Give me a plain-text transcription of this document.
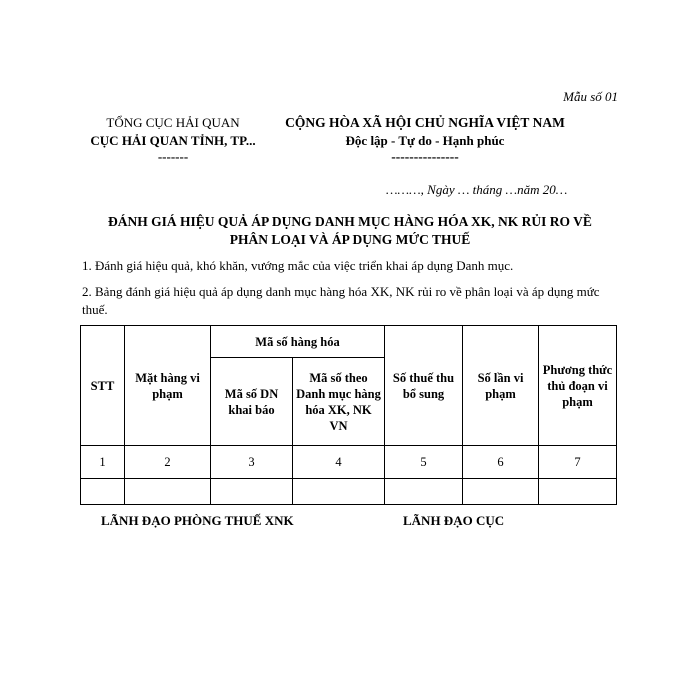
Mẫu số 01
TỔNG CỤC HẢI QUAN
CỤC HẢI QUAN TỈNH, TP...
-------
CỘNG HÒA XÃ HỘI CHỦ NGHĨA VIỆT NAM
Độc lập - Tự do - Hạnh phúc
---------------
………, Ngày … tháng …năm 20…
ĐÁNH GIÁ HIỆU QUẢ ÁP DỤNG DANH MỤC HÀNG HÓA XK, NK RỦI RO VỀ
PHÂN LOẠI VÀ ÁP DỤNG MỨC THUẾ
1. Đánh giá hiệu quả, khó khăn, vướng mắc của việc triển khai áp dụng Danh mục.
2. Bảng đánh giá hiệu quả áp dụng danh mục hàng hóa XK, NK rủi ro về phân loại và áp dụng mức thuế.
STT	Mặt hàng vi phạm	Mã số hàng hóa		Số thuế thu bổ sung	Số lần vi phạm	Phương thức thủ đoạn vi phạm
		Mã số DN khai báo	Mã số theo Danh mục hàng hóa XK, NK VN			
1	2	3	4	5	6	7

LÃNH ĐẠO PHÒNG THUẾ XNK	LÃNH ĐẠO CỤC
